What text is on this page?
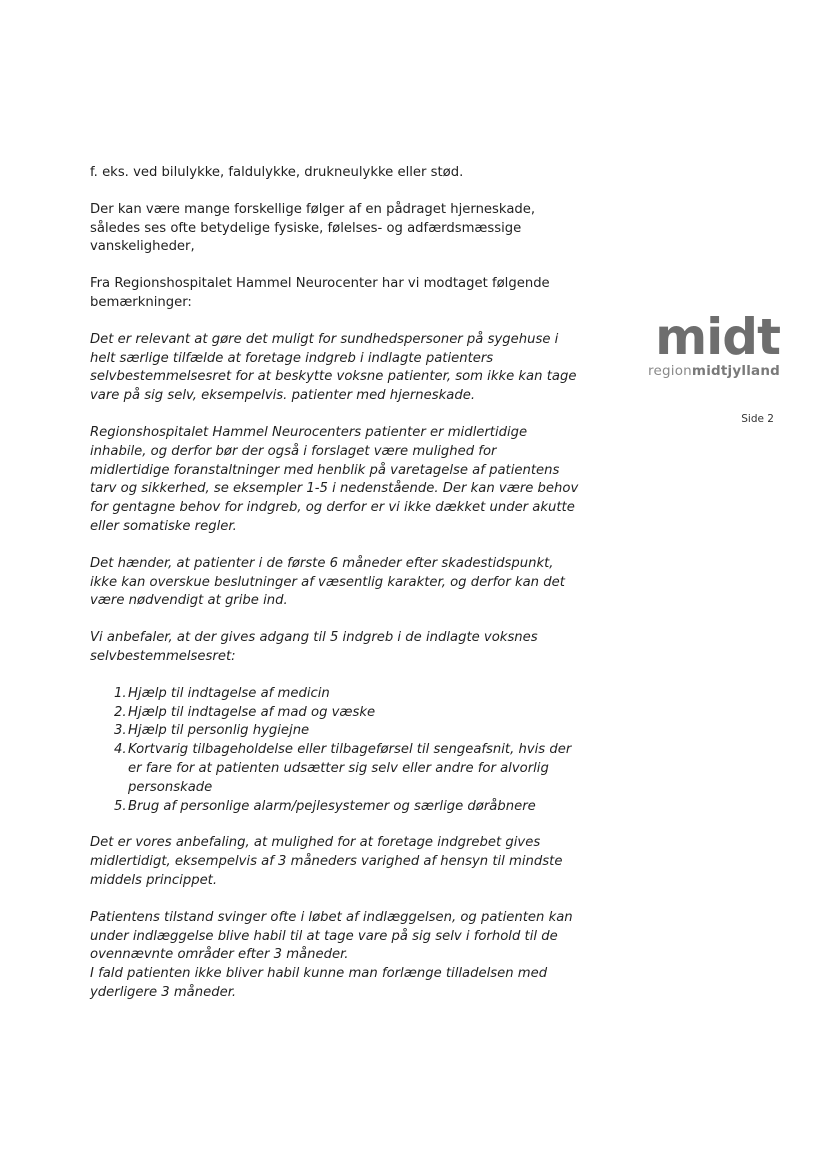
midt
regionmidtjylland
Side 2

f. eks. ved bilulykke, faldulykke, drukneulykke eller stød.

Der kan være mange forskellige følger af en pådraget hjerneskade, således ses ofte betydelige fysiske, følelses- og adfærdsmæssige vanskeligheder,

Fra Regionshospitalet Hammel Neurocenter har vi modtaget følgende bemærkninger:

Det er relevant at gøre det muligt for sundhedspersoner på sygehuse i helt særlige tilfælde at foretage indgreb i indlagte patienters selvbestemmelsesret for at beskytte voksne patienter, som ikke kan tage vare på sig selv, eksempelvis. patienter med hjerneskade.

Regionshospitalet Hammel Neurocenters patienter er midlertidige inhabile, og derfor bør der også i forslaget være mulighed for midlertidige foranstaltninger med henblik på varetagelse af patientens tarv og sikkerhed, se eksempler 1-5 i nedenstående. Der kan være behov for gentagne behov for indgreb, og derfor er vi ikke dækket under akutte eller somatiske regler.

Det hænder, at patienter i de første 6 måneder efter skadestidspunkt, ikke kan overskue beslutninger af væsentlig karakter, og derfor kan det være nødvendigt at gribe ind.

Vi anbefaler, at der gives adgang til 5 indgreb i de indlagte voksnes selvbestemmelsesret:

1. Hjælp til indtagelse af medicin
2. Hjælp til indtagelse af mad og væske
3. Hjælp til personlig hygiejne
4. Kortvarig tilbageholdelse eller tilbageførsel til sengeafsnit, hvis der er fare for at patienten udsætter sig selv eller andre for alvorlig personskade
5. Brug af personlige alarm/pejlesystemer og særlige døråbnere

Det er vores anbefaling, at mulighed for at foretage indgrebet gives midlertidigt, eksempelvis af 3 måneders varighed af hensyn til mindste middels princippet.

Patientens tilstand svinger ofte i løbet af indlæggelsen, og patienten kan under indlæggelse blive habil til at tage vare på sig selv i forhold til de ovennævnte områder efter 3 måneder.

I fald patienten ikke bliver habil kunne man forlænge tilladelsen med yderligere 3 måneder.
